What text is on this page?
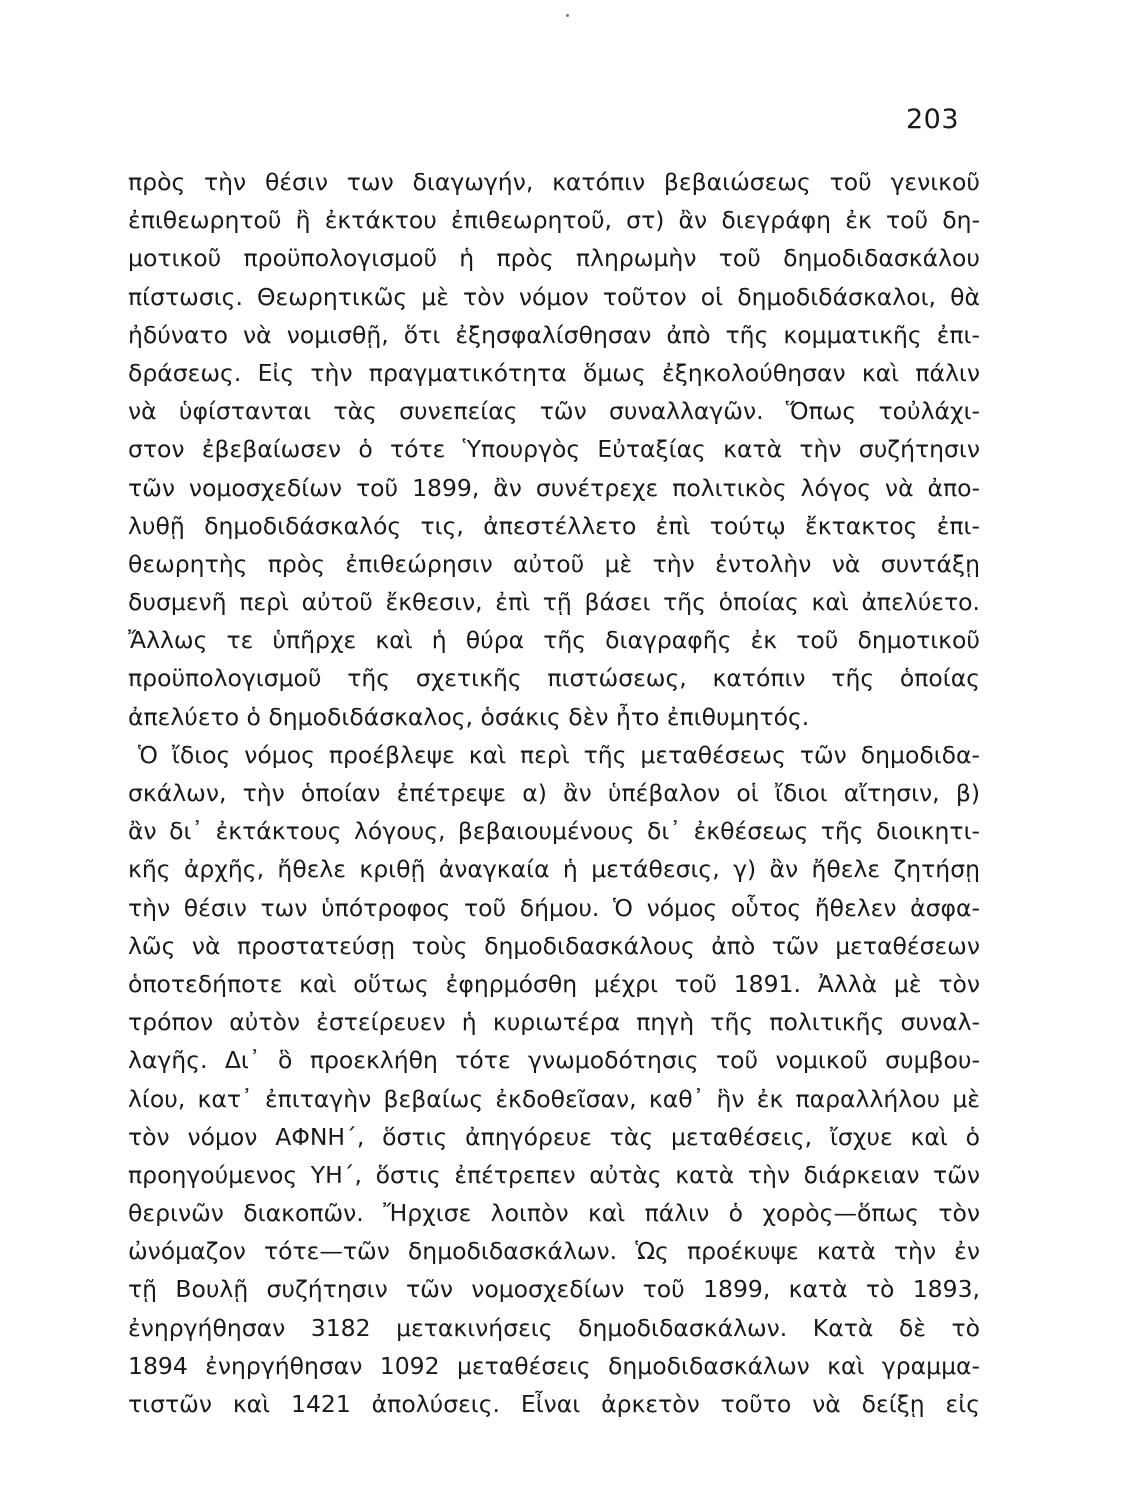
203
πρὸς τὴν θέσιν των διαγωγήν, κατόπιν βεβαιώσεως τοῦ γενικοῦ
ἐπιθεωρητοῦ ἢ ἐκτάκτου ἐπιθεωρητοῦ, στ) ἂν διεγράφη ἐκ τοῦ δη-
μοτικοῦ προϋπολογισμοῦ ἡ πρὸς πληρωμὴν τοῦ δημοδιδασκάλου
πίστωσις. Θεωρητικῶς μὲ τὸν νόμον τοῦτον οἱ δημοδιδάσκαλοι, θὰ
ἠδύνατο νὰ νομισθῇ, ὅτι ἐξησφαλίσθησαν ἀπὸ τῆς κομματικῆς ἐπι-
δράσεως. Εἰς τὴν πραγματικότητα ὅμως ἐξηκολούθησαν καὶ πάλιν
νὰ ὑφίστανται τὰς συνεπείας τῶν συναλλαγῶν. Ὅπως τοὐλάχι-
στον ἐβεβαίωσεν ὁ τότε Ὑπουργὸς Εὐταξίας κατὰ τὴν συζήτησιν
τῶν νομοσχεδίων τοῦ 1899, ἂν συνέτρεχε πολιτικὸς λόγος νὰ ἀπο-
λυθῇ δημοδιδάσκαλός τις, ἀπεστέλλετο ἐπὶ τούτῳ ἔκτακτος ἐπι-
θεωρητὴς πρὸς ἐπιθεώρησιν αὐτοῦ μὲ τὴν ἐντολὴν νὰ συντάξῃ
δυσμενῆ περὶ αὐτοῦ ἔκθεσιν, ἐπὶ τῇ βάσει τῆς ὁποίας καὶ ἀπελύετο.
Ἄλλως τε ὑπῆρχε καὶ ἡ θύρα τῆς διαγραφῆς ἐκ τοῦ δημοτικοῦ
προϋπολογισμοῦ τῆς σχετικῆς πιστώσεως, κατόπιν τῆς ὁποίας
ἀπελύετο ὁ δημοδιδάσκαλος, ὁσάκις δὲν ἦτο ἐπιθυμητός.
Ὁ ἴδιος νόμος προέβλεψε καὶ περὶ τῆς μεταθέσεως τῶν δημοδιδα-
σκάλων, τὴν ὁποίαν ἐπέτρεψε α) ἂν ὑπέβαλον οἱ ἴδιοι αἴτησιν, β)
ἂν δι᾿ ἐκτάκτους λόγους, βεβαιουμένους δι᾿ ἐκθέσεως τῆς διοικητι-
κῆς ἀρχῆς, ἤθελε κριθῇ ἀναγκαία ἡ μετάθεσις, γ) ἂν ἤθελε ζητήσῃ
τὴν θέσιν των ὑπότροφος τοῦ δήμου. Ὁ νόμος οὗτος ἤθελεν ἀσφα-
λῶς νὰ προστατεύσῃ τοὺς δημοδιδασκάλους ἀπὸ τῶν μεταθέσεων
ὁποτεδήποτε καὶ οὕτως ἐφηρμόσθη μέχρι τοῦ 1891. Ἀλλὰ μὲ τὸν
τρόπον αὐτὸν ἐστείρευεν ἡ κυριωτέρα πηγὴ τῆς πολιτικῆς συναλ-
λαγῆς. Δι᾿ ὃ προεκλήθη τότε γνωμοδότησις τοῦ νομικοῦ συμβου-
λίου, κατ᾿ ἐπιταγὴν βεβαίως ἐκδοθεῖσαν, καθ᾿ ἣν ἐκ παραλλήλου μὲ
τὸν νόμον ΑΦΝΗ΄, ὅστις ἀπηγόρευε τὰς μεταθέσεις, ἴσχυε καὶ ὁ
προηγούμενος ΥΗ΄, ὅστις ἐπέτρεπεν αὐτὰς κατὰ τὴν διάρκειαν τῶν
θερινῶν διακοπῶν. Ἤρχισε λοιπὸν καὶ πάλιν ὁ χορὸς—ὅπως τὸν
ὠνόμαζον τότε—τῶν δημοδιδασκάλων. Ὡς προέκυψε κατὰ τὴν ἐν
τῇ Βουλῇ συζήτησιν τῶν νομοσχεδίων τοῦ 1899, κατὰ τὸ 1893,
ἐνηργήθησαν 3182 μετακινήσεις δημοδιδασκάλων. Κατὰ δὲ τὸ
1894 ἐνηργήθησαν 1092 μεταθέσεις δημοδιδασκάλων καὶ γραμμα-
τιστῶν καὶ 1421 ἀπολύσεις. Εἶναι ἀρκετὸν τοῦτο νὰ δείξῃ εἰς
